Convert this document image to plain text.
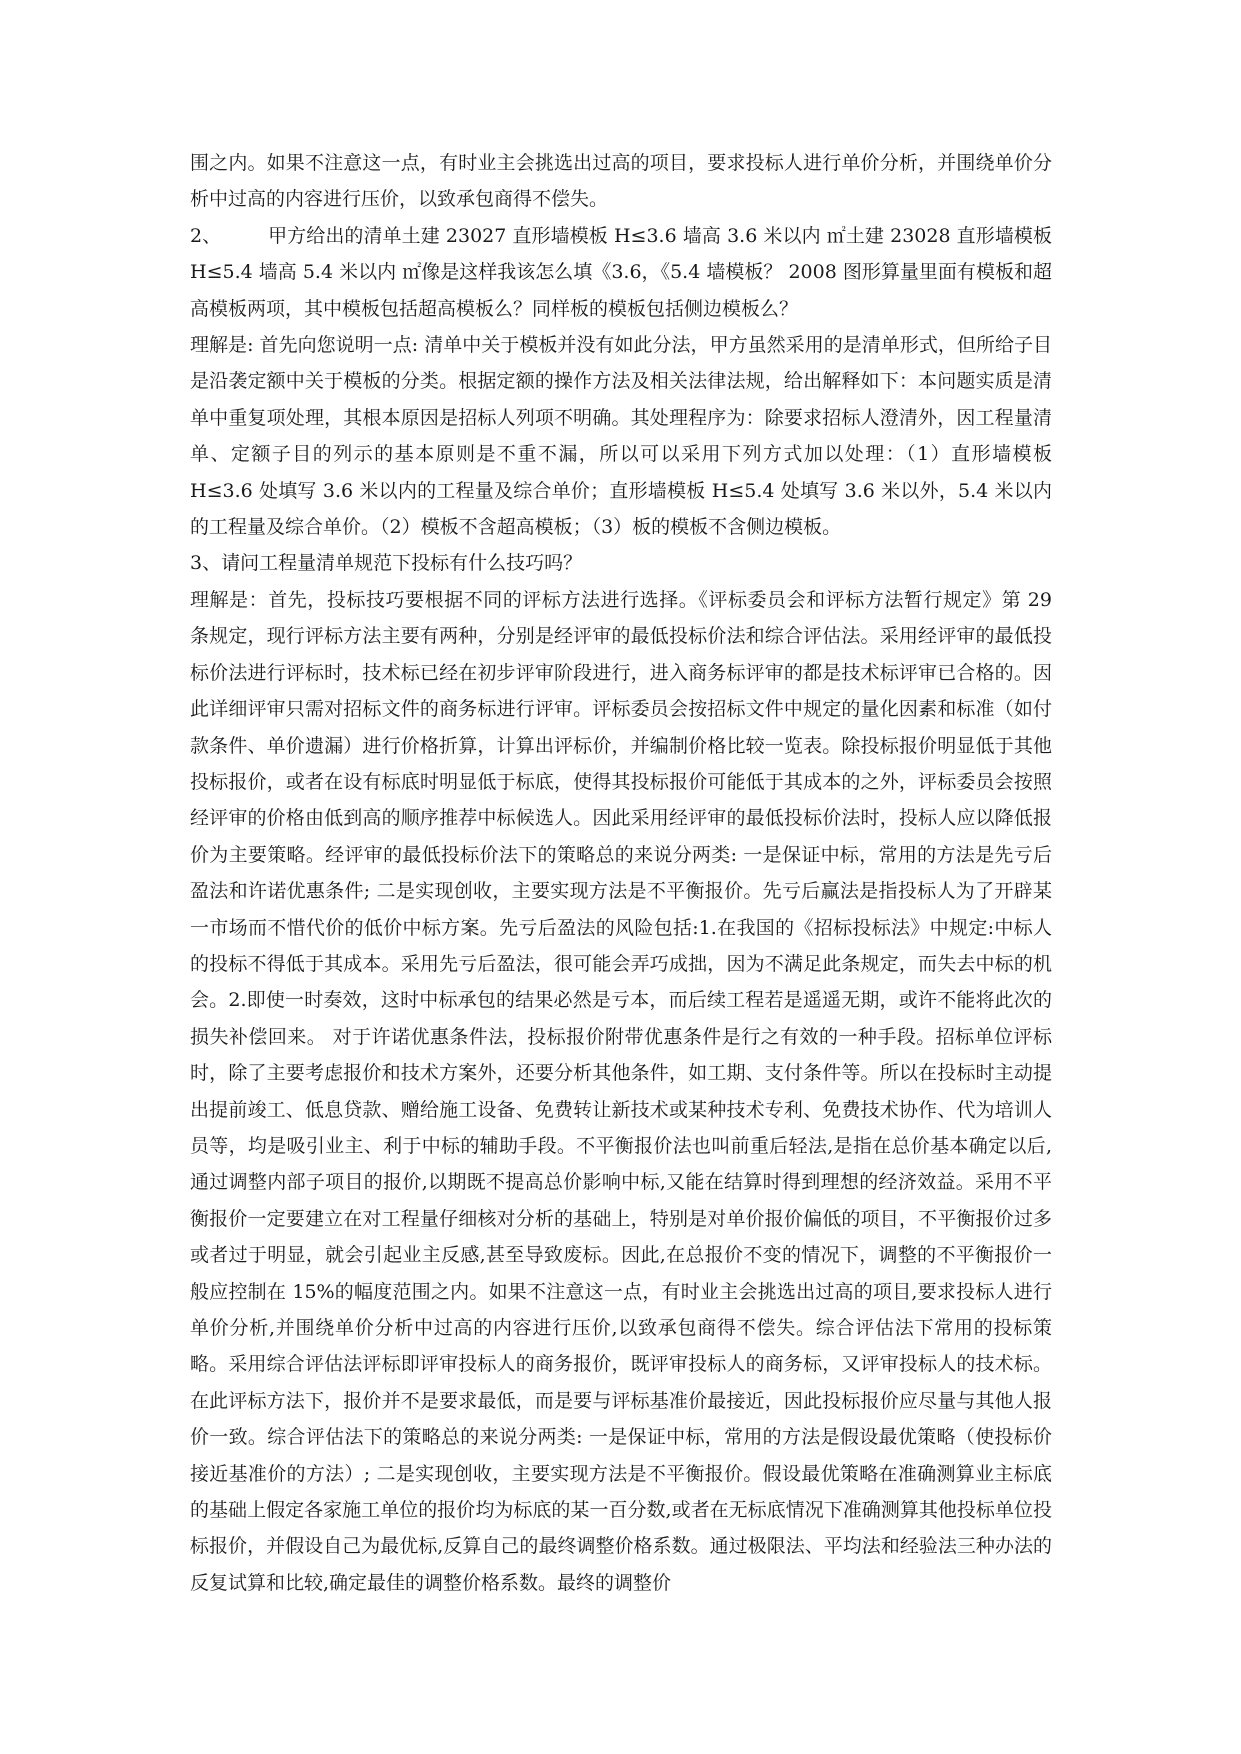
围之内。如果不注意这一点，有时业主会挑选出过高的项目，要求投标人进行单价分析，并围绕单价分析中过高的内容进行压价，以致承包商得不偿失。

2、 甲方给出的清单土建 23027 直形墙模板 H≤3.6 墙高 3.6 米以内 ㎡土建 23028 直形墙模板 H≤5.4 墙高 5.4 米以内 ㎡像是这样我该怎么填《3.6，《5.4 墙模板？ 2008 图形算量里面有模板和超高模板两项，其中模板包括超高模板么？同样板的模板包括侧边模板么？

理解是: 首先向您说明一点: 清单中关于模板并没有如此分法，甲方虽然采用的是清单形式，但所给子目是沿袭定额中关于模板的分类。根据定额的操作方法及相关法律法规，给出解释如下：本问题实质是清单中重复项处理，其根本原因是招标人列项不明确。其处理程序为：除要求招标人澄清外，因工程量清单、定额子目的列示的基本原则是不重不漏，所以可以采用下列方式加以处理：（1）直形墙模板 H≤3.6 处填写 3.6 米以内的工程量及综合单价；直形墙模板 H≤5.4 处填写 3.6 米以外，5.4 米以内的工程量及综合单价。（2）模板不含超高模板；（3）板的模板不含侧边模板。

3、请问工程量清单规范下投标有什么技巧吗？

理解是：首先，投标技巧要根据不同的评标方法进行选择。《评标委员会和评标方法暂行规定》第 29 条规定，现行评标方法主要有两种，分别是经评审的最低投标价法和综合评估法。采用经评审的最低投标价法进行评标时，技术标已经在初步评审阶段进行，进入商务标评审的都是技术标评审已合格的。因此详细评审只需对招标文件的商务标进行评审。评标委员会按招标文件中规定的量化因素和标准（如付款条件、单价遗漏）进行价格折算，计算出评标价，并编制价格比较一览表。除投标报价明显低于其他投标报价，或者在设有标底时明显低于标底，使得其投标报价可能低于其成本的之外，评标委员会按照经评审的价格由低到高的顺序推荐中标候选人。因此采用经评审的最低投标价法时，投标人应以降低报价为主要策略。经评审的最低投标价法下的策略总的来说分两类: 一是保证中标，常用的方法是先亏后盈法和许诺优惠条件; 二是实现创收，主要实现方法是不平衡报价。先亏后赢法是指投标人为了开辟某一市场而不惜代价的低价中标方案。先亏后盈法的风险包括:1.在我国的《招标投标法》中规定:中标人的投标不得低于其成本。采用先亏后盈法，很可能会弄巧成拙，因为不满足此条规定，而失去中标的机会。2.即使一时奏效，这时中标承包的结果必然是亏本，而后续工程若是遥遥无期，或许不能将此次的损失补偿回来。 对于许诺优惠条件法，投标报价附带优惠条件是行之有效的一种手段。招标单位评标时，除了主要考虑报价和技术方案外，还要分析其他条件，如工期、支付条件等。所以在投标时主动提出提前竣工、低息贷款、赠给施工设备、免费转让新技术或某种技术专利、免费技术协作、代为培训人员等，均是吸引业主、利于中标的辅助手段。不平衡报价法也叫前重后轻法,是指在总价基本确定以后,通过调整内部子项目的报价,以期既不提高总价影响中标,又能在结算时得到理想的经济效益。采用不平衡报价一定要建立在对工程量仔细核对分析的基础上，特别是对单价报价偏低的项目，不平衡报价过多或者过于明显，就会引起业主反感,甚至导致废标。因此,在总报价不变的情况下，调整的不平衡报价一般应控制在 15%的幅度范围之内。如果不注意这一点，有时业主会挑选出过高的项目,要求投标人进行单价分析,并围绕单价分析中过高的内容进行压价,以致承包商得不偿失。综合评估法下常用的投标策略。采用综合评估法评标即评审投标人的商务报价，既评审投标人的商务标，又评审投标人的技术标。在此评标方法下，报价并不是要求最低，而是要与评标基准价最接近，因此投标报价应尽量与其他人报价一致。综合评估法下的策略总的来说分两类: 一是保证中标，常用的方法是假设最优策略（使投标价接近基准价的方法）; 二是实现创收，主要实现方法是不平衡报价。假设最优策略在准确测算业主标底的基础上假定各家施工单位的报价均为标底的某一百分数,或者在无标底情况下准确测算其他投标单位投标报价，并假设自己为最优标,反算自己的最终调整价格系数。通过极限法、平均法和经验法三种办法的反复试算和比较,确定最佳的调整价格系数。最终的调整价
